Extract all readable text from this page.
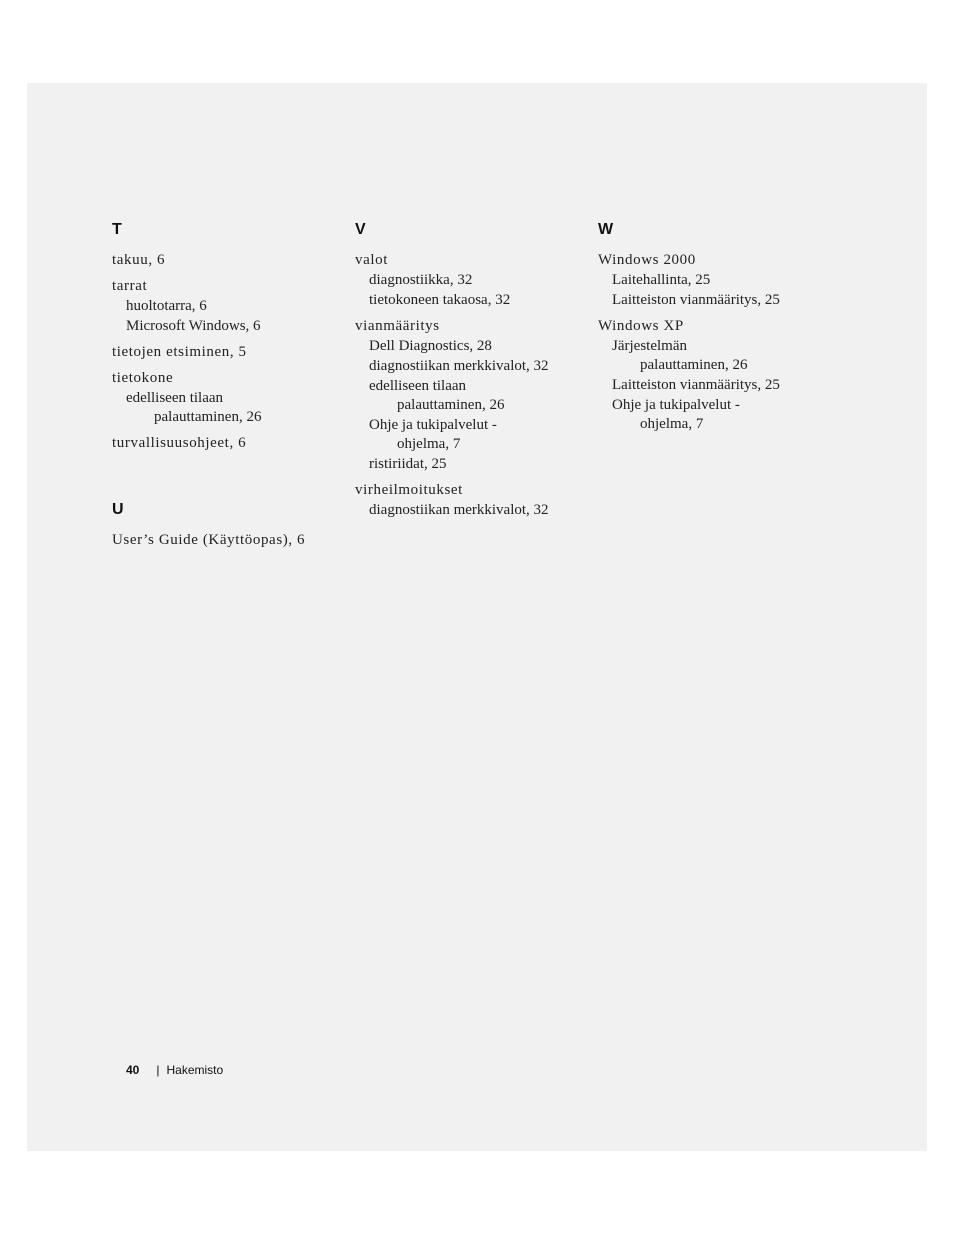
T
takuu, 6
tarrat
huoltotarra, 6
Microsoft Windows, 6
tietojen etsiminen, 5
tietokone
edelliseen tilaan
palauttaminen, 26
turvallisuusohjeet, 6
U
User’s Guide (Käyttöopas), 6
V
valot
diagnostiikka, 32
tietokoneen takaosa, 32
vianmääritys
Dell Diagnostics, 28
diagnostiikan merkkivalot, 32
edelliseen tilaan
palauttaminen, 26
Ohje ja tukipalvelut -
ohjelma, 7
ristiriidat, 25
virheilmoitukset
diagnostiikan merkkivalot, 32
W
Windows 2000
Laitehallinta, 25
Laitteiston vianmääritys, 25
Windows XP
Järjestelmän
palauttaminen, 26
Laitteiston vianmääritys, 25
Ohje ja tukipalvelut -
ohjelma, 7
40 | Hakemisto
